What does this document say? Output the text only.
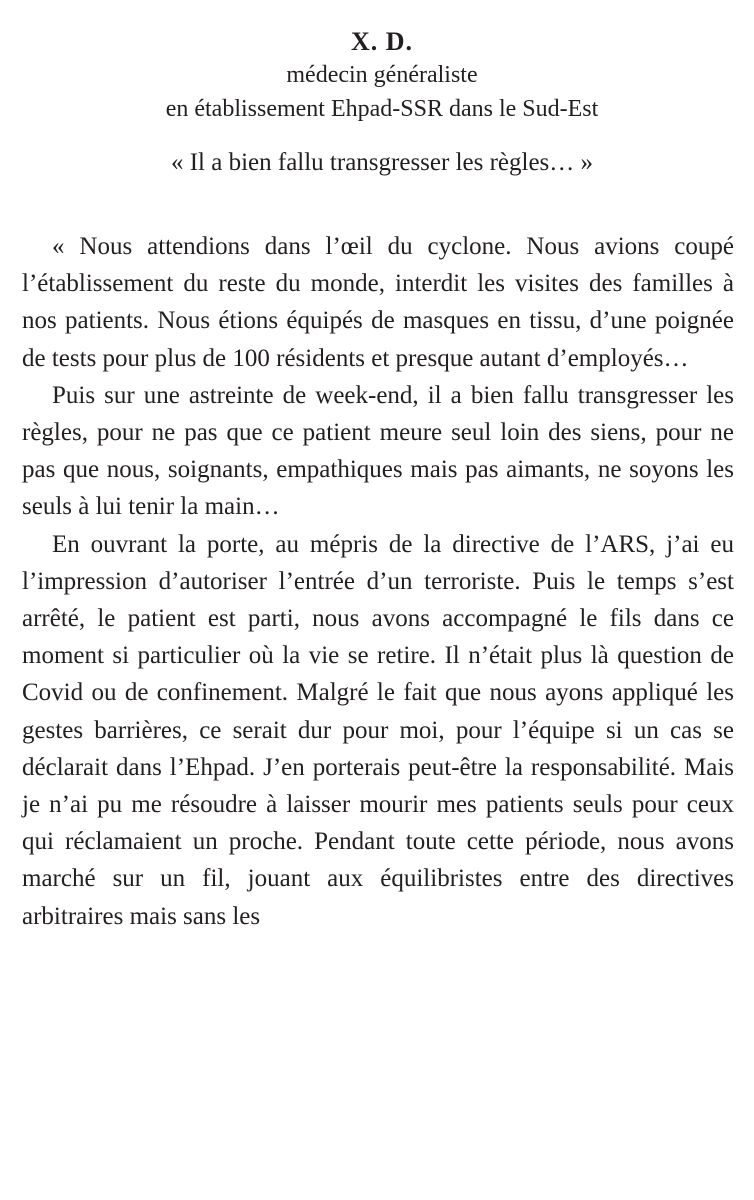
X. D.
médecin généraliste
en établissement Ehpad-SSR dans le Sud-Est
« Il a bien fallu transgresser les règles… »

« Nous attendions dans l’œil du cyclone. Nous avions coupé l’établissement du reste du monde, interdit les visites des familles à nos patients. Nous étions équipés de masques en tissu, d’une poignée de tests pour plus de 100 résidents et presque autant d’employés…

Puis sur une astreinte de week-end, il a bien fallu transgresser les règles, pour ne pas que ce patient meure seul loin des siens, pour ne pas que nous, soignants, empathiques mais pas aimants, ne soyons les seuls à lui tenir la main…

En ouvrant la porte, au mépris de la directive de l’ARS, j’ai eu l’impression d’autoriser l’entrée d’un terroriste. Puis le temps s’est arrêté, le patient est parti, nous avons accompagné le fils dans ce moment si particulier où la vie se retire. Il n’était plus là question de Covid ou de confinement. Malgré le fait que nous ayons appliqué les gestes barrières, ce serait dur pour moi, pour l’équipe si un cas se déclarait dans l’Ehpad. J’en porterais peut-être la responsabilité. Mais je n’ai pu me résoudre à laisser mourir mes patients seuls pour ceux qui réclamaient un proche. Pendant toute cette période, nous avons marché sur un fil, jouant aux équilibristes entre des directives arbitraires mais sans les
